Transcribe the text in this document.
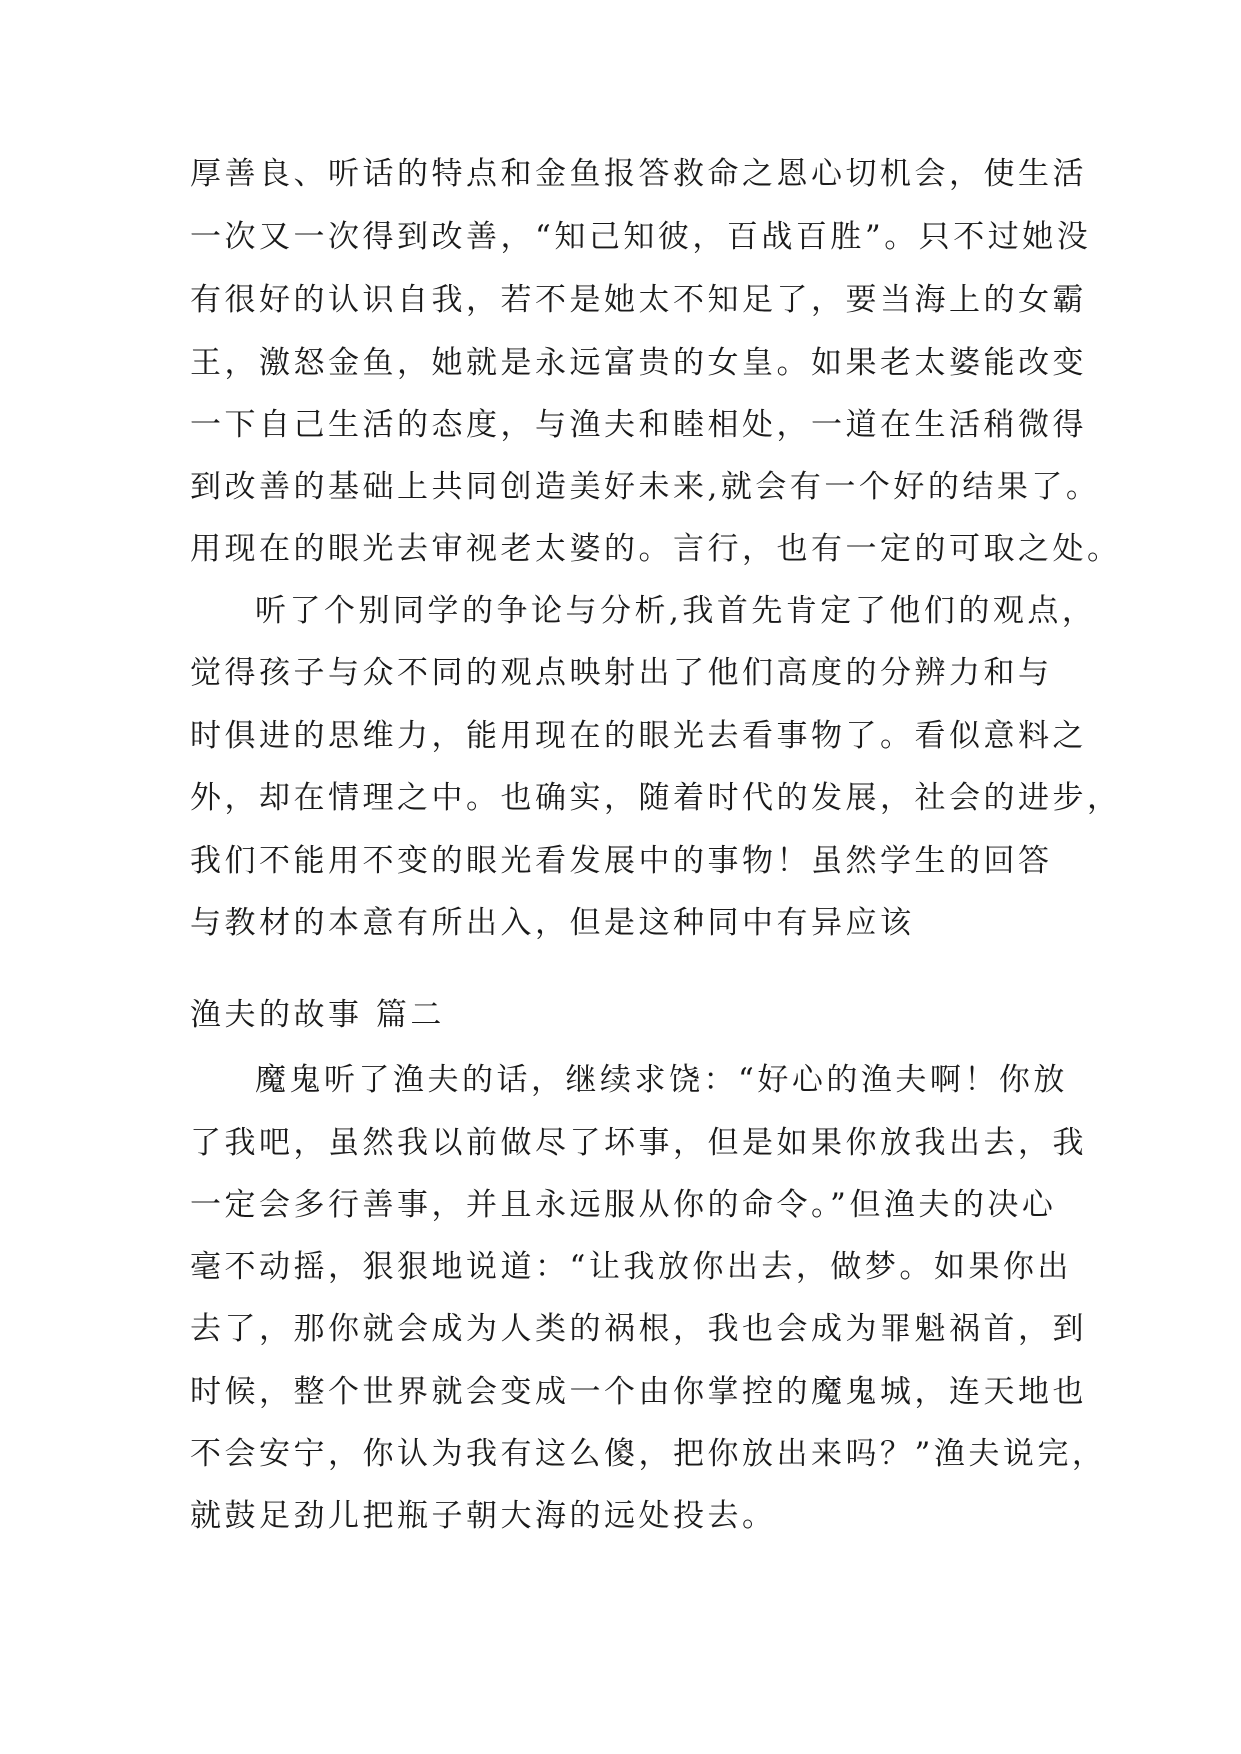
厚善良、听话的特点和金鱼报答救命之恩心切机会，使生活
一次又一次得到改善，“知己知彼，百战百胜”。只不过她没
有很好的认识自我，若不是她太不知足了，要当海上的女霸
王，激怒金鱼，她就是永远富贵的女皇。如果老太婆能改变
一下自己生活的态度，与渔夫和睦相处，一道在生活稍微得
到改善的基础上共同创造美好未来,就会有一个好的结果了。
用现在的眼光去审视老太婆的。言行，也有一定的可取之处。
听了个别同学的争论与分析,我首先肯定了他们的观点，
觉得孩子与众不同的观点映射出了他们高度的分辨力和与
时俱进的思维力，能用现在的眼光去看事物了。看似意料之
外，却在情理之中。也确实，随着时代的发展，社会的进步，
我们不能用不变的眼光看发展中的事物！虽然学生的回答
与教材的本意有所出入，但是这种同中有异应该
渔夫的故事 篇二
魔鬼听了渔夫的话，继续求饶：“好心的渔夫啊！你放
了我吧，虽然我以前做尽了坏事，但是如果你放我出去，我
一定会多行善事，并且永远服从你的命令。”但渔夫的决心
毫不动摇，狠狠地说道：“让我放你出去，做梦。如果你出
去了，那你就会成为人类的祸根，我也会成为罪魁祸首，到
时候，整个世界就会变成一个由你掌控的魔鬼城，连天地也
不会安宁，你认为我有这么傻，把你放出来吗？”渔夫说完，
就鼓足劲儿把瓶子朝大海的远处投去。
